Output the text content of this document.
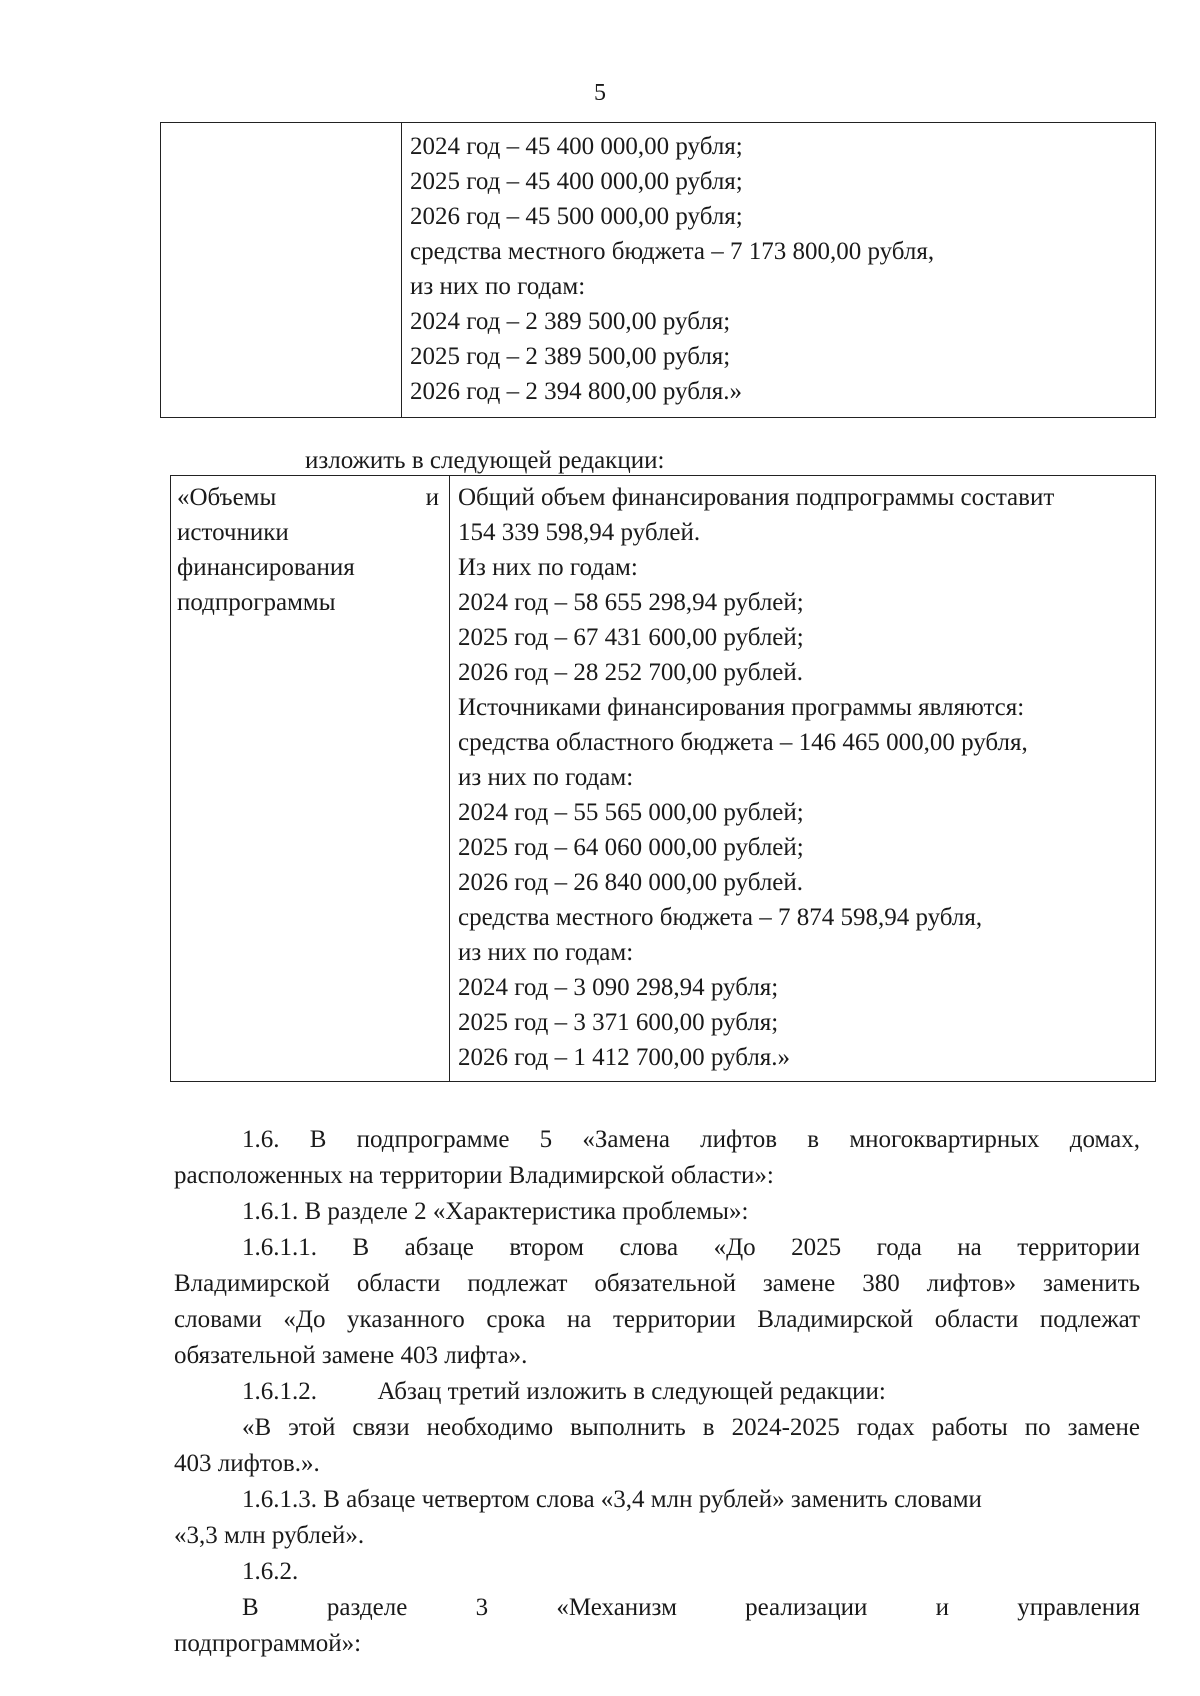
5

2024 год – 45 400 000,00 рубля;
2025 год – 45 400 000,00 рубля;
2026 год – 45 500 000,00 рубля;
средства местного бюджета – 7 173 800,00 рубля,
из них по годам:
2024 год – 2 389 500,00 рубля;
2025 год – 2 389 500,00 рубля;
2026 год – 2 394 800,00 рубля.»
изложить в следующей редакции:
«Объемы	и
источники
финансирования
подпрограммы

Общий объем финансирования подпрограммы составит
154 339 598,94 рублей.
Из них по годам:
2024 год – 58 655 298,94 рублей;
2025 год – 67 431 600,00 рублей;
2026 год – 28 252 700,00 рублей.
Источниками финансирования программы являются:
средства областного бюджета – 146 465 000,00 рубля,
из них по годам:
2024 год – 55 565 000,00 рублей;
2025 год – 64 060 000,00 рублей;
2026 год – 26 840 000,00 рублей.
средства местного бюджета – 7 874 598,94 рубля,
из них по годам:
2024 год – 3 090 298,94 рубля;
2025 год – 3 371 600,00 рубля;
2026 год – 1 412 700,00 рубля.»

1.6. В подпрограмме 5 «Замена лифтов в многоквартирных домах,
расположенных на территории Владимирской области»:

1.6.1. В разделе 2 «Характеристика проблемы»:

1.6.1.1. В абзаце втором слова «До 2025 года на территории
Владимирской области подлежат обязательной замене 380 лифтов» заменить
словами «До указанного срока на территории Владимирской области подлежат
обязательной замене 403 лифта».

1.6.1.2. Абзац третий изложить в следующей редакции:

«В этой связи необходимо выполнить в 2024-2025 годах работы по замене
403 лифтов.».

1.6.1.3. В абзаце четвертом слова «3,4 млн рублей» заменить словами
«3,3 млн рублей».

1.6.2.
В разделе 3 «Механизм реализации и управления
подпрограммой»:
